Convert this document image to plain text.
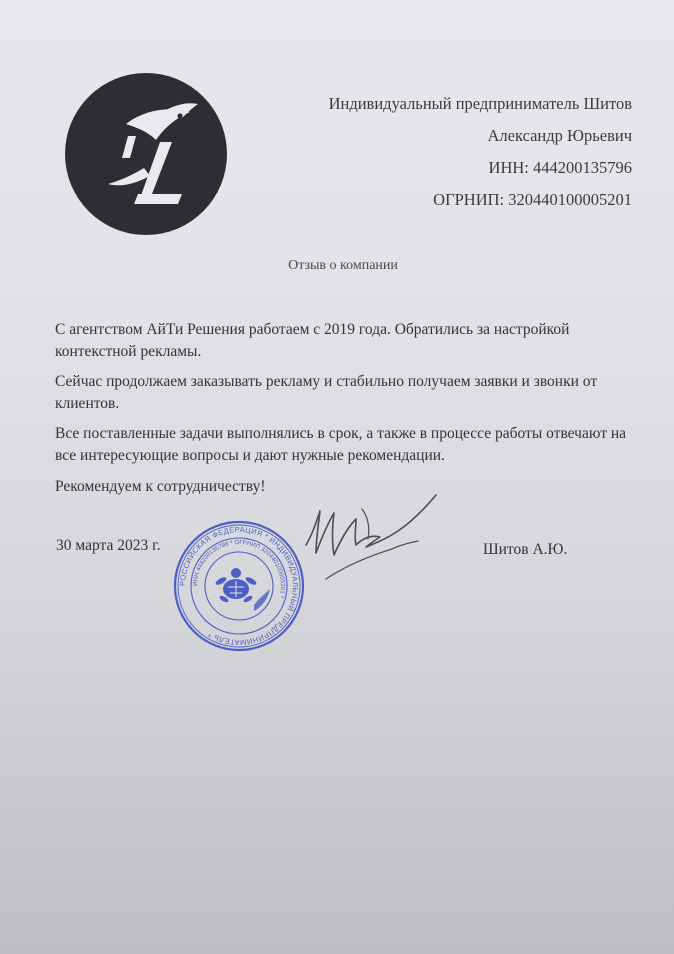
Индивидуальный предприниматель Шитов
Александр Юрьевич
ИНН: 444200135796
ОГРНИП: 320440100005201
Отзыв о компании
С агентством АйТи Решения работаем с 2019 года. Обратились за настройкой контекстной рекламы.
Сейчас продолжаем заказывать рекламу и стабильно получаем заявки и звонки от клиентов.
Все поставленные задачи выполнялись в срок, а также в процессе работы отвечают на все интересующие вопросы и дают нужные рекомендации.
Рекомендуем к сотрудничеству!
30 марта 2023 г.
РОССИЙСКАЯ ФЕДЕРАЦИЯ * ИНДИВИДУАЛЬНЫЙ ПРЕДПРИНИМАТЕЛЬ *
ИНН 444200135796 * ОГРНИП 320440100005201 *
Шитов А.Ю.
